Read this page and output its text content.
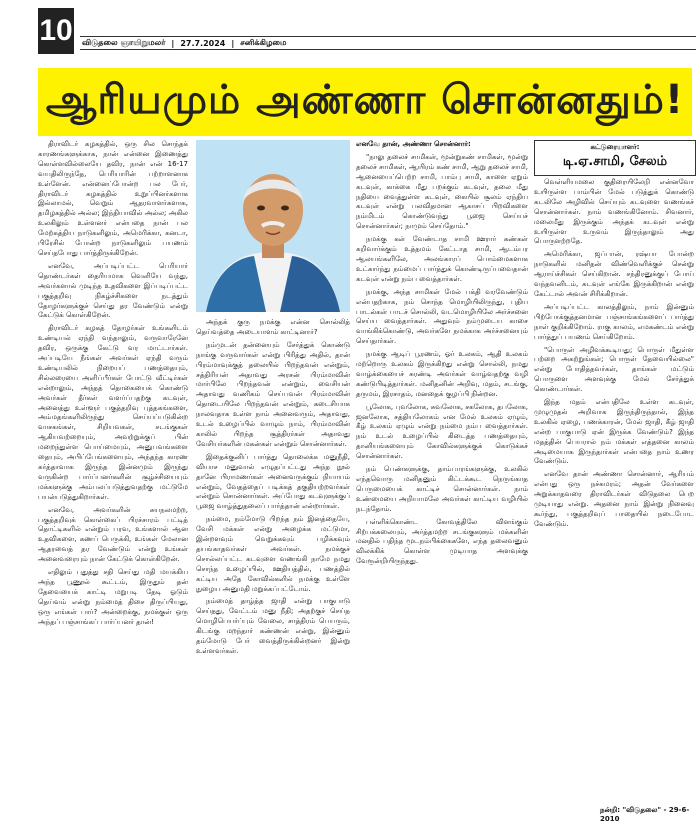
10 விடுதலை ஞாயிறுமலர் | 27.7.2024 | சனிக்கிழமை
ஆரியமும் அண்ணா சொன்னதும்!

திராவிடர் கழகத்தில், ஒரு சில சொந்தக் காரணங்களுக்காக, நான் என்னை இணைத்து கொள்ளவில்லையே தவிர, நான் என் 16-17 வயதிலிருந்தே, பெரியாரின் பற்றாளனாக உள்ளேன். என்னைப்போன்ற பல பேர், திராவிடர் கழகத்தில் உறுப்பினர்களாக இல்லாமல், வெறும் ஆதரவாளர்களாக, தமிழகத்தில் அல்ல; இந்தியாவில் அல்ல; அகில உலகிலும் உள்ளனர் என்பதை நான் பல மேற்கத்திய நாடுகளிலும், அமெரிக்கா, கனடா, பிரேசில் போன்ற நாடுகளிலும் பயணம் செய்தபோது பார்த்திருக்கிறேன்.

எனவே, அப்படிப்பட்ட பெரியார் தொண்டர்கள் தைரியமாக வெளியே வந்து, அவர்களால் முடிந்த உதவிகளை இப்படிப்பட்ட பகுத்தறிவு நிகழ்ச்சிகளை நடத்தும் தோழர்களுக்குச் செய்து தர வேண்டும் என்று கேட்டுக் கொள்கிறேன்.

திராவிடர் கழகத் தோழர்கள் உங்களிடம் உண்டியல் ஏந்தி வந்தாலும், வருவாரேனே தவிர, ஒருக்கு கேட்டு வர மாட்டார்கள். அப்படியே நீங்கள் அவர்கள் ஏந்தி வரும் உண்டியலில் நிறையப் பணத்தையும், சில்லரையை அளிப்பீர்கள் போட்டு வீட்டிர்கள் என்றாலும், அந்தத் தொகையைக் கொண்டு அவர்கள் தீர்கள் வளர்ப்பதற்கு கடவுள், அனைத்து உள்ளூர் பகுத்தறிவு புத்தகங்களை, அம்மதங்களிலிருந்து செய்யப்படுகின்ற வாசகங்கள், சிறியவகள், சடங்குகள் ஆகியவற்றையும், அவற்றுக்குப் பின் மறைந்துள்ள பொய்மையும், அனுபவங்களை தையும், அபிப்பேங்களையும், அந்தந்த காரண கர்த்தாவாக இருந்த இன்னமும் இருந்து வருகின்ற பார்ப்பனர்களின் சூழ்ச்சியையும் மக்களுக்கு அம்பலப்படுத்துவதற்கு மட்டுமே பயன்படுத்துகிறார்கள்.

எனவே, அவர்களின் சுயநலமற்ற, பகுத்தறிவுக் கொள்கைப் பிரச்சாரம் பட்டித் தொட்டிகளில் என்றும் பரவ, உங்களால் ஆன உதவிகளை, கணப் பெருக்கி, உங்கள் மேலான ஆதரவைத் தர வேண்டும் என்று உங்கள் அனைவரையும் நான் கேட்டுக் கொள்கிறேன்.

எதிலும் புதுத்து சதி செய்து மதி மயக்கிய அந்த பூணூல் கூட்டம், இருதும் தன் தேவையைக் காட்டி மறுபடி தேடி ஓடும் தெய்வம் என்று நம்மைத் திசை திருப்பியது, ஒரு எங்கள் பார்? அன்றைக்கு, நமக்குள் ஒரு அந்தப் பஞ்சாங்கப் பார்ப்பனர் தான்!

அந்தக் குரு நமக்கு என்ன சொல்லித் தெய்வத்தை அடையாளம் காட்டினார்?

நம்முடன் தன்னையும் சேர்த்துக் கொண்டு நாங்கு வருவார்கள் என்று பிரித்து அதில், தான் பிரம்மாவுக்குத் தலையில் பிறந்தவன் என்றும், சத்திரியன் அதாவது அரசன் பிரம்மாவின் மார்பிலே பிறந்தவன் என்றும், வைசியன் அதாவது வணிகம் செய்பவன் பிரம்மாவின் தொடையிலே பிறந்தவன் என்றும், கடைசியாக நாலவதாக உள்ள நாம் அனைவரும், அதாவது, உடல் உழைப்பில் வாழும் நாம், பிரம்மாவின் காலில் பிறந்த சூத்திரர்கள் அதாவது வேசியர்களின் மகன்கள் என்றும் சொன்னார்கள்.

இதைக்குனிப் பார்த்து தொலைக்க மனுநீதி, வியாச மனுவால் எழுதப்பட்டது அந்த நூல் தானே பிராமணர்கள் அனைவருக்கும் நியாயம் என்றும், வேதத்தைப் படிக்கத் தகுதியற்றவர்கள் என்றும் சொன்னார்கள். அப்போது கடவுளுக்குப் பூஜை வாழ்த்துதலைப் பார்த்தான் என்றார்கள்.

நம்மை, நம்மோடு பிறந்த நம் இனத்தையே, வேசி மக்கள் என்று அழைக்க மட்டுமா, இன்றளவும் வெறுக்கவும் பழிக்கவும் தயங்காதவர்கள் அவர்கள். நமக்குச் சொல்லப்பட்ட கடவுளை வணங்கி நாமே நமது சொந்த உழைப்பில், ஊதியத்தில், பணத்தில் கட்டிய அதே கோவில்களில் நமக்கு உள்ளே நுழைய அனுமதி மறுக்கப்பட்டோம்.

நம்மைத் தாழ்த்த ஜாதி என்று பாகுபாடு செய்தது, வேட்டம் மனு நீதி; அதற்குச் செய்த மொழிபெயர்ப்பும் வேலை, சாத்திரம் பெயரும், கிடங்கு மறந்தார் கண்ணன் என்று, இன்னும் தம்மோடு பேர் வைத்திருக்கின்றனர் இன்று உள்ளவர்கள்.

எனவே தான், அண்ணா சொன்னார்:

"நாலு தலைச் சாமிகள், மூன்றுகண் சாமிகள், மூன்று தலைச் சாமிகள், ஆயிரம் கண் சாமி, ஆறு தலைச் சாமி, ஆனையைப்பெற்ற சாமி, பாம்பு சாமி, காளை ஏறும் கடவுள், காக்கை மீது பறக்கும் கடவுள், தலை மீது நதியை வைத்துள்ள கடவுள், கையில் சூலம் ஏந்திய கடவுள் என்று பலவிதமான ஆகாசப் பிறவிகளை நம்மிடம் கொண்டுவந்து பூஜை செய்யச் சொன்னார்கள்; நாமும் செய்தோம்."

நமக்கு கள் வேண்டாத சாமி ஊரார் கண்கள் கறிவார்க்கும் உத்தமம் கேட்டாத சாமி, ஆடம்பர ஆலயங்களிலே, அலங்காரப் பொம்மைகளாக உட்கார்ந்து நம்மைப் பார்த்துக் கொண்டிருப்பவைதான் கடவுள் என்று நம்ப வைத்தார்கள்.

நமக்கு, அந்த சாமிகள் மேல் பக்தி வரவேண்டும் என்பதற்காக, நம் சொந்த மொழியிலிருந்து, புதிய பாடல்கள் பாடச் சொல்லி, வடமொழியிலே அர்ச்சனை செய்ய வைத்தார்கள். அதுவும் நம்முடைய காசை வாங்கிக்கொண்டு, அவர்களே நமக்காக அர்ச்சனையும் செய்தார்கள்.

நமக்கு ஆடிப் பூரணம், ஓர் உலகம், ஆதி உலகம் மற்றொரு உலகம் இருக்கிறது என்று சொல்லி, நமது வாழ்க்கையைச் சுரண்டி அவர்கள் வாழ்வதற்கு வழி கண்டுபிடித்தார்கள். மனிதனின் அறிவு, மதம், சடங்கு, தருமம், இரசாதம், மனதைக் குழப்பி நின்றன.

பூலோக, புவலோக, சுவலோக, சகலோக, தபலோக, ஜனலோக, சத்தியலோகம் என மேல் உலகம் ஏழும், கீழ் உலகம் ஏழும் என்று நம்மை நம்ப வைத்தார்கள். நம் உடல் உழைப்பில் கிடைத்த பணத்தையும், தானியங்களையும் கோவில்களுக்குக் கொடுக்கச் சொன்னார்கள்.

நம் பெண்களுக்கு, தாம்பாரங்களுக்கு, உலகில் எந்தவொரு மனிதனும் கிட்டக்கூட நெருங்காத பெருமையைக் காட்டிச் சொன்னார்கள். நாம் உண்மையை அறியாமலே அவர்கள் காட்டிய வழியில் நடந்தோம்.

பள்ளிக்கொண்ட கோவத்திலே விளங்கும் சிற்பக்கலையும், அர்த்தமற்ற சடங்குகளும் மக்களின் மனதில் பதிந்த மூடநம்பிக்கைகளே, எந்த தலைவனும் விலக்கிக் கொள்ள முடியாத அளவுக்கு வேரூன்றியிருந்தது.

கட்டுரையாளர்:
டி.ஏ.சாமி, சேலம்

வெள்ளியமலை குதிரையிலேறி என்னவோ உயிருள்ள பாம்பின் மேல் படுத்துக் கொண்டு கடலிலே அழிவில் செய்யும் கடவுளை வணங்கச் சொன்னார்கள். நாம் வணங்கினோம். சிவனார், மலைமீது இருக்கும் அந்தக் கடவுள் என்று உயிருள்ள உருவம் இருந்தாலும் அது பொருளற்றதே.

அமெரிக்கா, ஜப்பான், ரஷ்யா போன்ற நாடுகளில் மனிதன் விண்வெளிக்குச் சென்று ஆராய்ச்சிகள் செய்கிறான். சந்திரனுக்குப் போய் வந்தவனிடம், கடவுள் எங்கே இருக்கிறான் என்று கேட்டால் அவன் சிரிக்கிறான்.

அப்படிப்பட்ட காலத்திலும், நாம் இன்னும் பிற்போக்குத்தனமான பஞ்சாங்கங்களைப் பார்த்து நாள் குறிக்கிறோம். ராகு காலம், எமகண்டம் என்று பார்த்துப் பயணம் செய்கிறோம்.

"பொருள் அழிவக்கூடியது; பொருள் மீதுள்ள பற்றை அகற்றுங்கள்; பொருள் தேவையில்லை" என்று போதித்தவர்கள், தாங்கள் மட்டும் பொருளை அளவுக்கு மேல் சேர்த்துக் கொண்டார்கள்.

இந்த மதம் என்பதிலே உள்ள கடவுள், முழுமுதல் அறிவாக இருந்திருந்தால், இந்த உலகில் ஏழை, பணக்காரன், மேல் ஜாதி, கீழ் ஜாதி என்ற பாகுபாடு ஏன் இருக்க வேண்டும்? இந்த மதத்தின் பெயரால் நம் மக்கள் எத்தனை காலம் அடிமையாக இருந்தார்கள் என்பதை நாம் உணர வேண்டும்.

எனவே தான் அண்ணா சொன்னார், ஆரியம் என்பது ஒரு நச்சுமரம்; அதன் வேர்களை அறுக்காதவரை திராவிடர்கள் விடுதலை பெற முடியாது என்று. அதனை நாம் இன்று நினைவு கூர்ந்து, பகுத்தறிவுப் பாதையில் நடைபோட வேண்டும்.

நன்றி: "விடுதலை" - 29-6-2010
